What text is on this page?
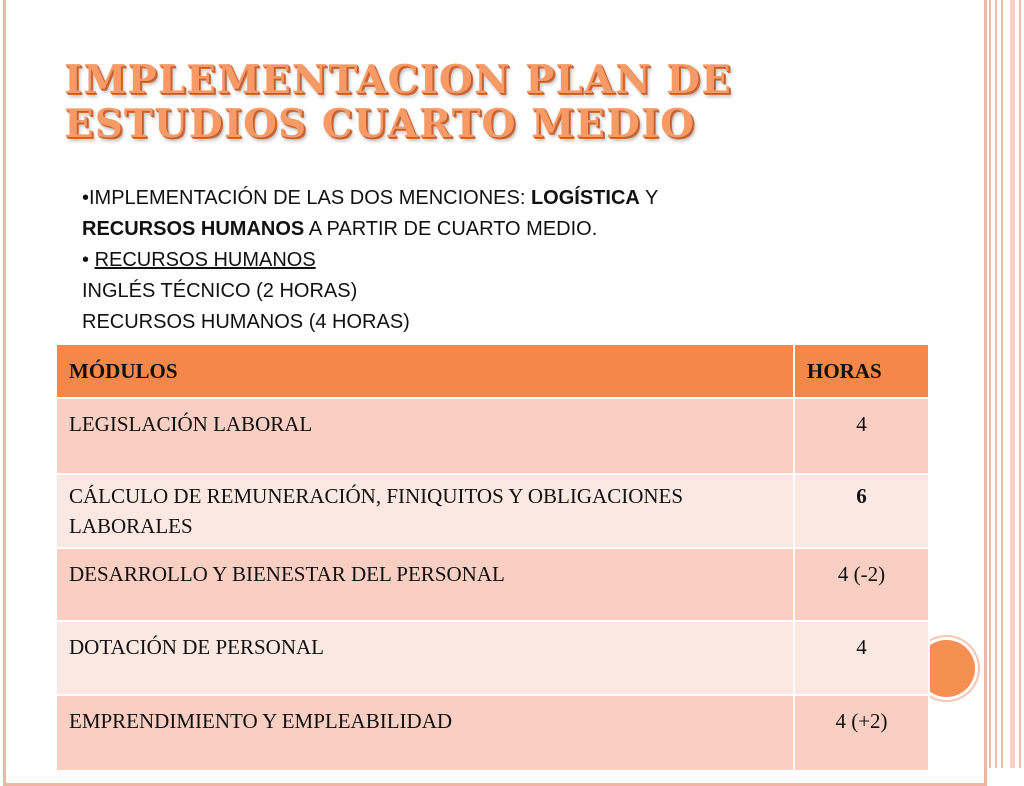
IMPLEMENTACION PLAN DE
ESTUDIOS CUARTO MEDIO
•IMPLEMENTACIÓN DE LAS DOS MENCIONES: LOGÍSTICA Y
RECURSOS HUMANOS A PARTIR DE CUARTO MEDIO.
• RECURSOS HUMANOS
INGLÉS TÉCNICO (2 HORAS)
RECURSOS HUMANOS (4 HORAS)
MÓDULOS	HORAS
LEGISLACIÓN LABORAL	4
CÁLCULO DE REMUNERACIÓN, FINIQUITOS Y OBLIGACIONES LABORALES	6
DESARROLLO Y BIENESTAR DEL PERSONAL	4 (-2)
DOTACIÓN DE PERSONAL	4
EMPRENDIMIENTO Y EMPLEABILIDAD	4 (+2)
